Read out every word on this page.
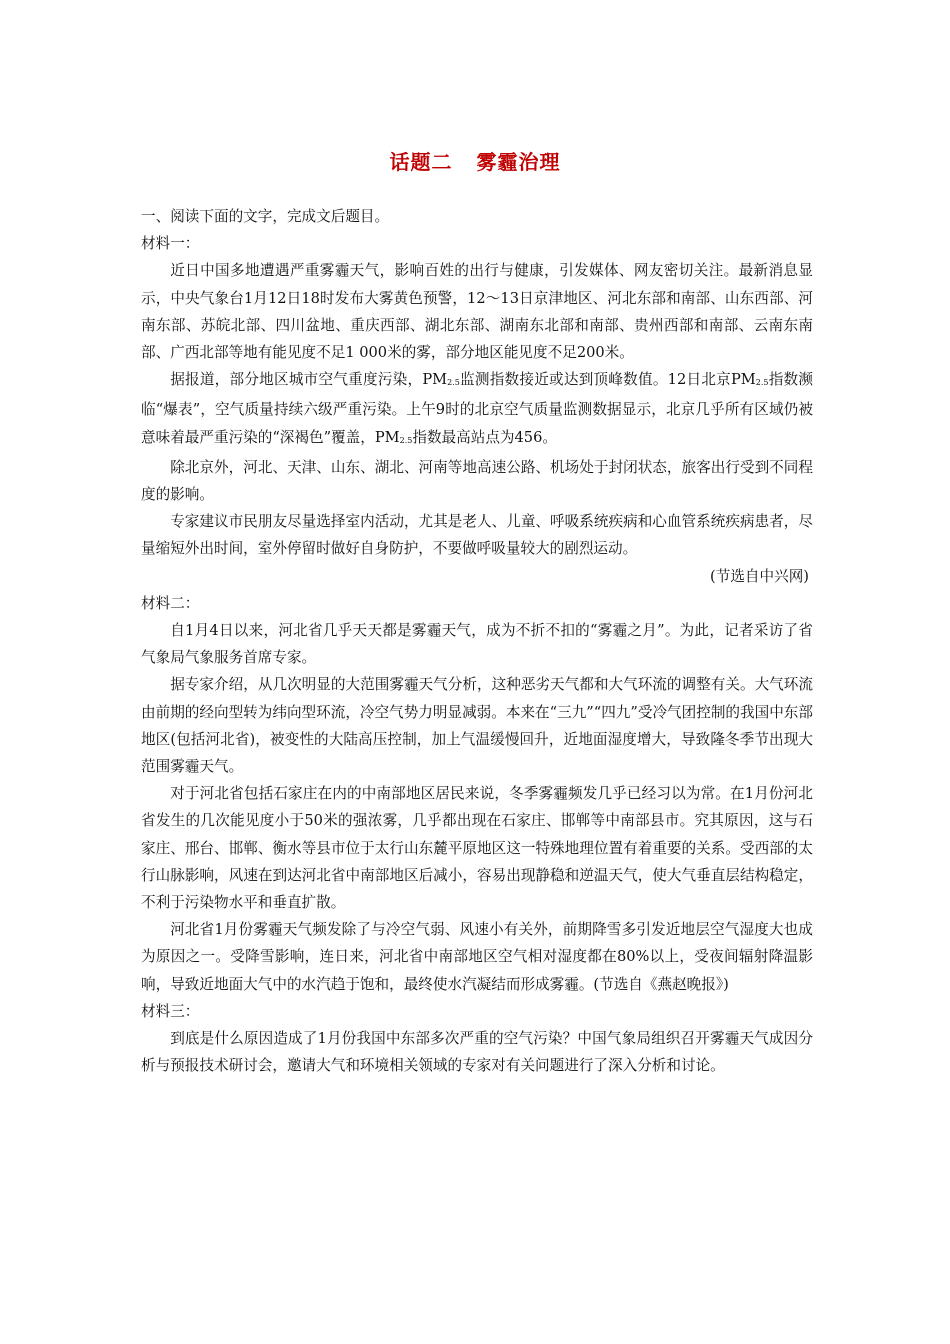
话题二 雾霾治理

一、阅读下面的文字，完成文后题目。

材料一：

近日中国多地遭遇严重雾霾天气，影响百姓的出行与健康，引发媒体、网友密切关注。最新消息显示，中央气象台1月12日18时发布大雾黄色预警，12～13日京津地区、河北东部和南部、山东西部、河南东部、苏皖北部、四川盆地、重庆西部、湖北东部、湖南东北部和南部、贵州西部和南部、云南东南部、广西北部等地有能见度不足1 000米的雾，部分地区能见度不足200米。

据报道，部分地区城市空气重度污染，$PM_{2.5}$监测指数接近或达到顶峰数值。12日北京$PM_{2.5}$指数濒临“爆表”，空气质量持续六级严重污染。上午9时的北京空气质量监测数据显示，北京几乎所有区域仍被意味着最严重污染的“深褐色”覆盖，$PM_{2.5}$指数最高站点为456。

除北京外，河北、天津、山东、湖北、河南等地高速公路、机场处于封闭状态，旅客出行受到不同程度的影响。

专家建议市民朋友尽量选择室内活动，尤其是老人、儿童、呼吸系统疾病和心血管系统疾病患者，尽量缩短外出时间，室外停留时做好自身防护，不要做呼吸量较大的剧烈运动。

(节选自中兴网)

材料二：

自1月4日以来，河北省几乎天天都是雾霾天气，成为不折不扣的“雾霾之月”。为此，记者采访了省气象局气象服务首席专家。

据专家介绍，从几次明显的大范围雾霾天气分析，这种恶劣天气都和大气环流的调整有关。大气环流由前期的经向型转为纬向型环流，冷空气势力明显减弱。本来在“三九”“四九”受冷气团控制的我国中东部地区(包括河北省)，被变性的大陆高压控制，加上气温缓慢回升，近地面湿度增大，导致隆冬季节出现大范围雾霾天气。

对于河北省包括石家庄在内的中南部地区居民来说，冬季雾霾频发几乎已经习以为常。在1月份河北省发生的几次能见度小于50米的强浓雾，几乎都出现在石家庄、邯郸等中南部县市。究其原因，这与石家庄、邢台、邯郸、衡水等县市位于太行山东麓平原地区这一特殊地理位置有着重要的关系。受西部的太行山脉影响，风速在到达河北省中南部地区后减小，容易出现静稳和逆温天气，使大气垂直层结构稳定，不利于污染物水平和垂直扩散。

河北省1月份雾霾天气频发除了与冷空气弱、风速小有关外，前期降雪多引发近地层空气湿度大也成为原因之一。受降雪影响，连日来，河北省中南部地区空气相对湿度都在80%以上，受夜间辐射降温影响，导致近地面大气中的水汽趋于饱和，最终使水汽凝结而形成雾霾。(节选自《燕赵晚报》)

材料三：

到底是什么原因造成了1月份我国中东部多次严重的空气污染？中国气象局组织召开雾霾天气成因分析与预报技术研讨会，邀请大气和环境相关领域的专家对有关问题进行了深入分析和讨论。
